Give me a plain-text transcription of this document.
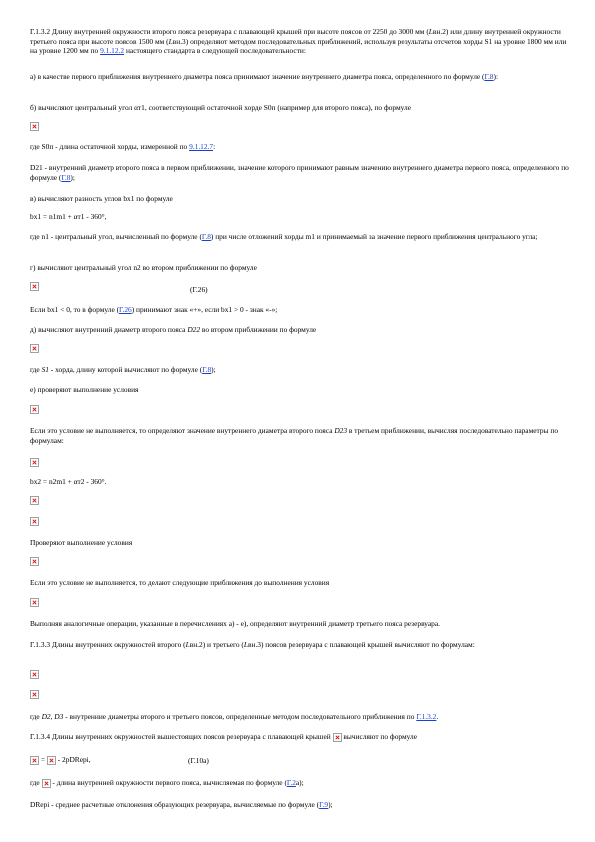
Г.1.3.2 Длину внутренней окружности второго пояса резервуара с плавающей крышей при высоте поясов от 2250 до 3000 мм (Lвн.2) или длину внутренней окружности третьего пояса при высоте поясов 1500 мм (Lвн.3) определяют методом последовательных приближений, используя результаты отсчетов хорды S1 на уровне 1800 мм или на уровне 1200 мм по 9.1.12.2 настоящего стандарта в следующей последовательности:
а) в качестве первого приближения внутреннего диаметра пояса принимают значение внутреннего диаметра пояса, определенного по формуле (Г.8):
б) вычисляют центральный угол αт1, соответствующий остаточной хорде S0п (например для второго пояса), по формуле
где S0п - длина остаточной хорды, измеренной по 9.1.12.7:
D21 - внутренний диаметр второго пояса в первом приближении, значение которого принимают равным значению внутреннего диаметра первого пояса, определенного по формуле (Г.8);
в) вычисляют разность углов bx1 по формуле
bx1 = n1m1 + αт1 - 360°,
где n1 - центральный угол, вычисленный по формуле (Г.8) при числе отложений хорды m1 и принимаемый за значение первого приближения центрального угла;
г) вычисляют центральный угол n2 во втором приближении по формуле
(Г.26)
Если bx1 < 0, то в формуле (Г.26) принимают знак «+», если bx1 > 0 - знак «-»;
д) вычисляют внутренний диаметр второго пояса D22 во втором приближении по формуле
где S1 - хорда, длину которой вычисляют по формуле (Г.8);
е) проверяют выполнение условия
Если это условие не выполняется, то определяют значение внутреннего диаметра второго пояса D23 в третьем приближении, вычисляя последовательно параметры по формулам:
bx2 = n2m1 + αт2 - 360°.
Проверяют выполнение условия
Если это условие не выполняется, то делают следующие приближения до выполнения условия
Выполняя аналогичные операции, указанные в перечислениях а) - е), определяют внутренний диаметр третьего пояса резервуара.
Г.1.3.3 Длины внутренних окружностей второго (Lвн.2) и третьего (Lвн.3) поясов резервуара с плавающей крышей вычисляют по формулам:
где D2, D3 - внутренние диаметры второго и третьего поясов, определенные методом последовательного приближения по Г.1.3.2.
Г.1.3.4 Длины внутренних окружностей вышестоящих поясов резервуара с плавающей крышей  вычисляют по формуле
=  - 2pDRepi,	(Г.10а)
где  - длина внутренней окружности первого пояса, вычисляемая по формуле (Г.2а);
DRepi - среднее расчетные отклонения образующих резервуара, вычисляемые по формуле (Г.9);
